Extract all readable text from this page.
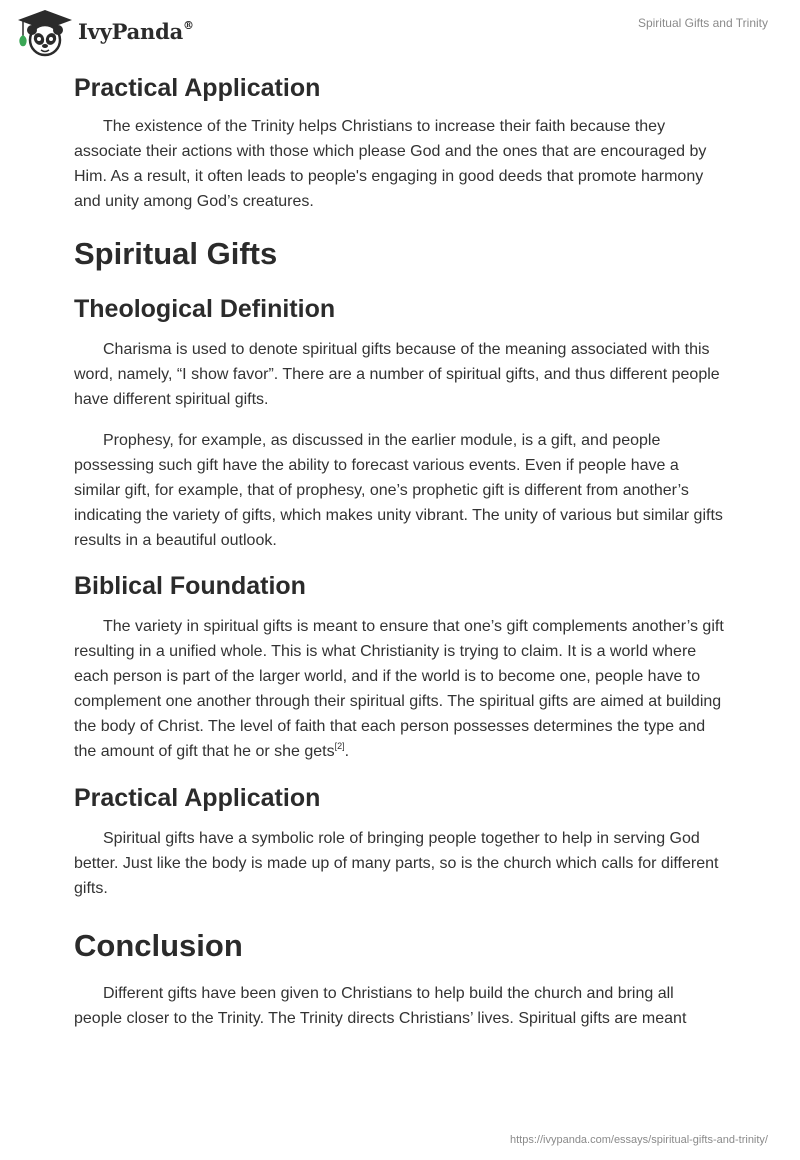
IvyPanda®	Spiritual Gifts and Trinity
Practical Application

The existence of the Trinity helps Christians to increase their faith because they associate their actions with those which please God and the ones that are encouraged by Him. As a result, it often leads to people's engaging in good deeds that promote harmony and unity among God’s creatures.

Spiritual Gifts
Theological Definition

Charisma is used to denote spiritual gifts because of the meaning associated with this word, namely, “I show favor”. There are a number of spiritual gifts, and thus different people have different spiritual gifts.

Prophesy, for example, as discussed in the earlier module, is a gift, and people possessing such gift have the ability to forecast various events. Even if people have a similar gift, for example, that of prophesy, one’s prophetic gift is different from another’s indicating the variety of gifts, which makes unity vibrant. The unity of various but similar gifts results in a beautiful outlook.

Biblical Foundation

The variety in spiritual gifts is meant to ensure that one’s gift complements another’s gift resulting in a unified whole. This is what Christianity is trying to claim. It is a world where each person is part of the larger world, and if the world is to become one, people have to complement one another through their spiritual gifts. The spiritual gifts are aimed at building the body of Christ. The level of faith that each person possesses determines the type and the amount of gift that he or she gets[2].

Practical Application

Spiritual gifts have a symbolic role of bringing people together to help in serving God better. Just like the body is made up of many parts, so is the church which calls for different gifts.

Conclusion

Different gifts have been given to Christians to help build the church and bring all people closer to the Trinity. The Trinity directs Christians’ lives. Spiritual gifts are meant

https://ivypanda.com/essays/spiritual-gifts-and-trinity/
